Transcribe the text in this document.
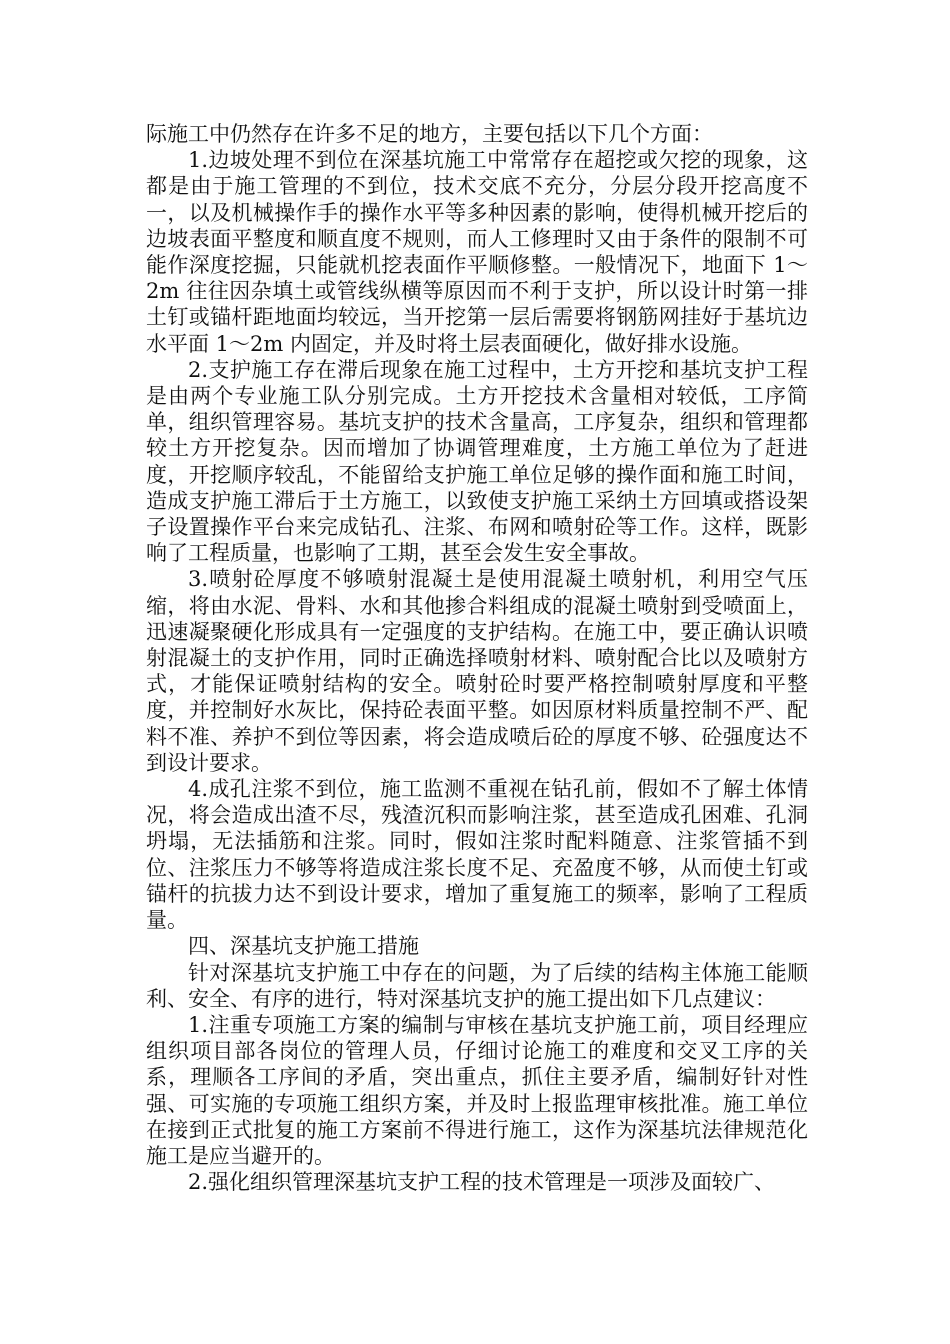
际施工中仍然存在许多不足的地方，主要包括以下几个方面：

1.边坡处理不到位在深基坑施工中常常存在超挖或欠挖的现象，这都是由于施工管理的不到位，技术交底不充分，分层分段开挖高度不一，以及机械操作手的操作水平等多种因素的影响，使得机械开挖后的边坡表面平整度和顺直度不规则，而人工修理时又由于条件的限制不可能作深度挖掘，只能就机挖表面作平顺修整。一般情况下，地面下 1～2m 往往因杂填土或管线纵横等原因而不利于支护，所以设计时第一排土钉或锚杆距地面均较远，当开挖第一层后需要将钢筋网挂好于基坑边水平面 1～2m 内固定，并及时将土层表面硬化，做好排水设施。

2.支护施工存在滞后现象在施工过程中，土方开挖和基坑支护工程是由两个专业施工队分别完成。土方开挖技术含量相对较低，工序简单，组织管理容易。基坑支护的技术含量高，工序复杂，组织和管理都较土方开挖复杂。因而增加了协调管理难度，土方施工单位为了赶进度，开挖顺序较乱，不能留给支护施工单位足够的操作面和施工时间，造成支护施工滞后于土方施工，以致使支护施工采纳土方回填或搭设架子设置操作平台来完成钻孔、注浆、布网和喷射砼等工作。这样，既影响了工程质量，也影响了工期，甚至会发生安全事故。

3.喷射砼厚度不够喷射混凝土是使用混凝土喷射机，利用空气压缩，将由水泥、骨料、水和其他掺合料组成的混凝土喷射到受喷面上，迅速凝聚硬化形成具有一定强度的支护结构。在施工中，要正确认识喷射混凝土的支护作用，同时正确选择喷射材料、喷射配合比以及喷射方式，才能保证喷射结构的安全。喷射砼时要严格控制喷射厚度和平整度，并控制好水灰比，保持砼表面平整。如因原材料质量控制不严、配料不准、养护不到位等因素，将会造成喷后砼的厚度不够、砼强度达不到设计要求。

4.成孔注浆不到位，施工监测不重视在钻孔前，假如不了解土体情况，将会造成出渣不尽，残渣沉积而影响注浆，甚至造成孔困难、孔洞坍塌，无法插筋和注浆。同时，假如注浆时配料随意、注浆管插不到位、注浆压力不够等将造成注浆长度不足、充盈度不够，从而使土钉或锚杆的抗拔力达不到设计要求，增加了重复施工的频率，影响了工程质量。

四、深基坑支护施工措施

针对深基坑支护施工中存在的问题，为了后续的结构主体施工能顺利、安全、有序的进行，特对深基坑支护的施工提出如下几点建议：

1.注重专项施工方案的编制与审核在基坑支护施工前，项目经理应组织项目部各岗位的管理人员，仔细讨论施工的难度和交叉工序的关系，理顺各工序间的矛盾，突出重点，抓住主要矛盾，编制好针对性强、可实施的专项施工组织方案，并及时上报监理审核批准。施工单位在接到正式批复的施工方案前不得进行施工，这作为深基坑法律规范化施工是应当避开的。

2.强化组织管理深基坑支护工程的技术管理是一项涉及面较广、
